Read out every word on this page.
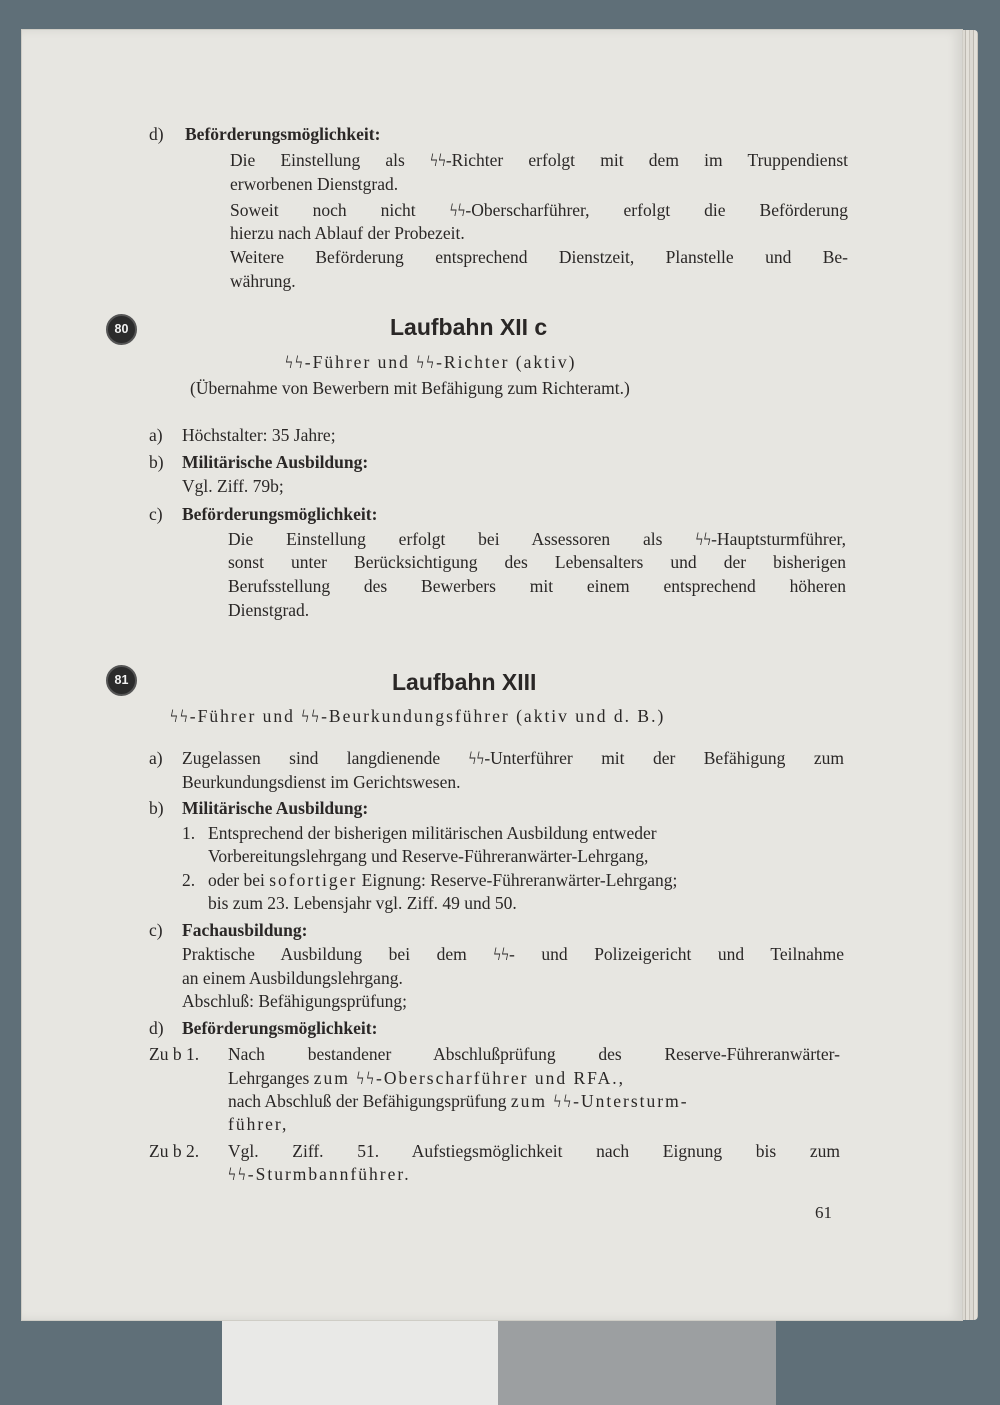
d) Beförderungsmöglichkeit:
Die Einstellung als ϟϟ-Richter erfolgt mit dem im Truppendienst
erworbenen Dienstgrad.
Soweit noch nicht ϟϟ-Oberscharführer, erfolgt die Beförderung
hierzu nach Ablauf der Probezeit.
Weitere Beförderung entsprechend Dienstzeit, Planstelle und Be-
währung.
80	Laufbahn XII c
ϟϟ-Führer und ϟϟ-Richter (aktiv)
(Übernahme von Bewerbern mit Befähigung zum Richteramt.)
a) Höchstalter: 35 Jahre;
b) Militärische Ausbildung:
Vgl. Ziff. 79b;
c) Beförderungsmöglichkeit:
Die Einstellung erfolgt bei Assessoren als ϟϟ-Hauptsturmführer,
sonst unter Berücksichtigung des Lebensalters und der bisherigen
Berufsstellung des Bewerbers mit einem entsprechend höheren
Dienstgrad.
81	Laufbahn XIII
ϟϟ-Führer und ϟϟ-Beurkundungsführer (aktiv und d. B.)
a) Zugelassen sind langdienende ϟϟ-Unterführer mit der Befähigung zum
Beurkundungsdienst im Gerichtswesen.
b) Militärische Ausbildung:
1. Entsprechend der bisherigen militärischen Ausbildung entweder
Vorbereitungslehrgang und Reserve-Führeranwärter-Lehrgang,
2. oder bei sofortiger Eignung: Reserve-Führeranwärter-Lehrgang;
bis zum 23. Lebensjahr vgl. Ziff. 49 und 50.
c) Fachausbildung:
Praktische Ausbildung bei dem ϟϟ- und Polizeigericht und Teilnahme
an einem Ausbildungslehrgang.
Abschluß: Befähigungsprüfung;
d) Beförderungsmöglichkeit:
Zu b 1. Nach bestandener Abschlußprüfung des Reserve-Führeranwärter-
Lehrganges zum ϟϟ-Oberscharführer und RFA.,
nach Abschluß der Befähigungsprüfung zum ϟϟ-Untersturm-
führer,
Zu b 2. Vgl. Ziff. 51. Aufstiegsmöglichkeit nach Eignung bis zum
ϟϟ-Sturmbannführer.
61
